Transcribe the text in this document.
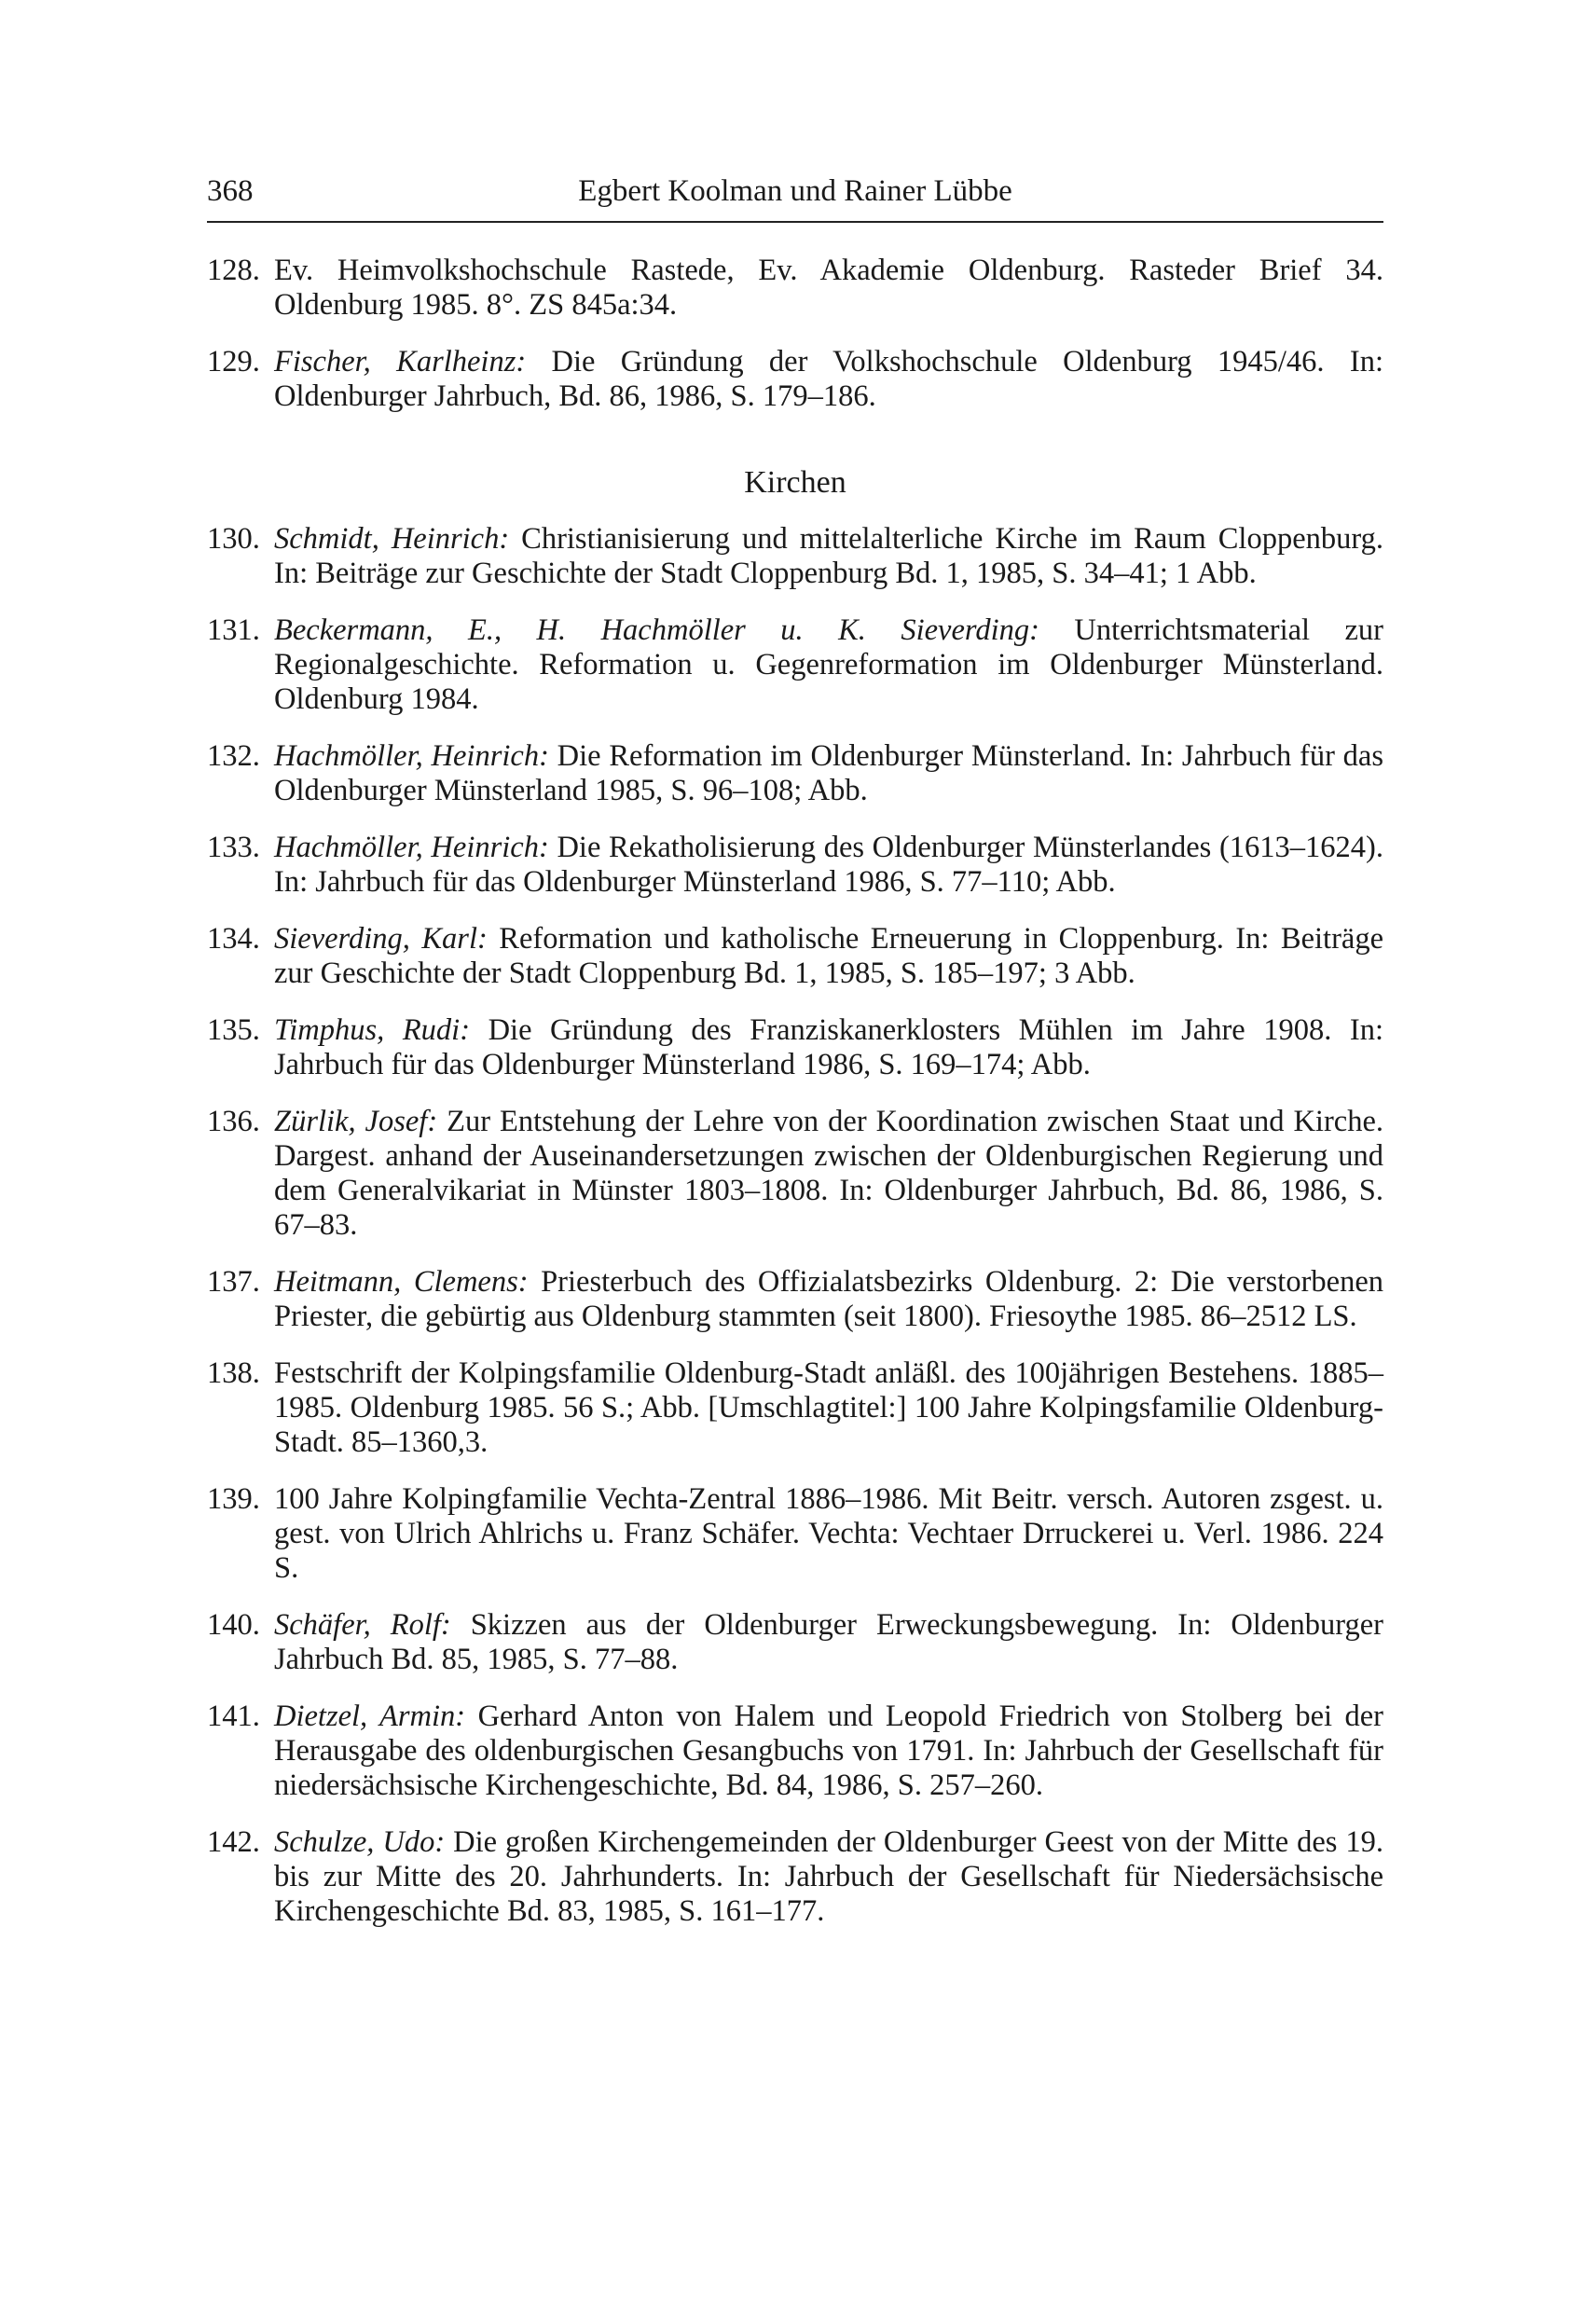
368	Egbert Koolman und Rainer Lübbe
128. Ev. Heimvolkshochschule Rastede, Ev. Akademie Oldenburg. Rasteder Brief 34. Oldenburg 1985. 8°. ZS 845a:34.
129. Fischer, Karlheinz: Die Gründung der Volkshochschule Oldenburg 1945/46. In: Oldenburger Jahrbuch, Bd. 86, 1986, S. 179–186.
Kirchen
130. Schmidt, Heinrich: Christianisierung und mittelalterliche Kirche im Raum Cloppenburg. In: Beiträge zur Geschichte der Stadt Cloppenburg Bd. 1, 1985, S. 34–41; 1 Abb.
131. Beckermann, E., H. Hachmöller u. K. Sieverding: Unterrichtsmaterial zur Regionalgeschichte. Reformation u. Gegenreformation im Oldenburger Münsterland. Oldenburg 1984.
132. Hachmöller, Heinrich: Die Reformation im Oldenburger Münsterland. In: Jahrbuch für das Oldenburger Münsterland 1985, S. 96–108; Abb.
133. Hachmöller, Heinrich: Die Rekatholisierung des Oldenburger Münsterlandes (1613–1624). In: Jahrbuch für das Oldenburger Münsterland 1986, S. 77–110; Abb.
134. Sieverding, Karl: Reformation und katholische Erneuerung in Cloppenburg. In: Beiträge zur Geschichte der Stadt Cloppenburg Bd. 1, 1985, S. 185–197; 3 Abb.
135. Timphus, Rudi: Die Gründung des Franziskanerklosters Mühlen im Jahre 1908. In: Jahrbuch für das Oldenburger Münsterland 1986, S. 169–174; Abb.
136. Zürlik, Josef: Zur Entstehung der Lehre von der Koordination zwischen Staat und Kirche. Dargest. anhand der Auseinandersetzungen zwischen der Oldenburgischen Regierung und dem Generalvikariat in Münster 1803–1808. In: Oldenburger Jahrbuch, Bd. 86, 1986, S. 67–83.
137. Heitmann, Clemens: Priesterbuch des Offizialatsbezirks Oldenburg. 2: Die verstorbenen Priester, die gebürtig aus Oldenburg stammten (seit 1800). Friesoythe 1985. 86–2512 LS.
138. Festschrift der Kolpingsfamilie Oldenburg-Stadt anläßl. des 100jährigen Bestehens. 1885–1985. Oldenburg 1985. 56 S.; Abb. [Umschlagtitel:] 100 Jahre Kolpingsfamilie Oldenburg-Stadt. 85–1360,3.
139. 100 Jahre Kolpingfamilie Vechta-Zentral 1886–1986. Mit Beitr. versch. Autoren zsgest. u. gest. von Ulrich Ahlrichs u. Franz Schäfer. Vechta: Vechtaer Drruckerei u. Verl. 1986. 224 S.
140. Schäfer, Rolf: Skizzen aus der Oldenburger Erweckungsbewegung. In: Oldenburger Jahrbuch Bd. 85, 1985, S. 77–88.
141. Dietzel, Armin: Gerhard Anton von Halem und Leopold Friedrich von Stolberg bei der Herausgabe des oldenburgischen Gesangbuchs von 1791. In: Jahrbuch der Gesellschaft für niedersächsische Kirchengeschichte, Bd. 84, 1986, S. 257–260.
142. Schulze, Udo: Die großen Kirchengemeinden der Oldenburger Geest von der Mitte des 19. bis zur Mitte des 20. Jahrhunderts. In: Jahrbuch der Gesellschaft für Niedersächsische Kirchengeschichte Bd. 83, 1985, S. 161–177.
